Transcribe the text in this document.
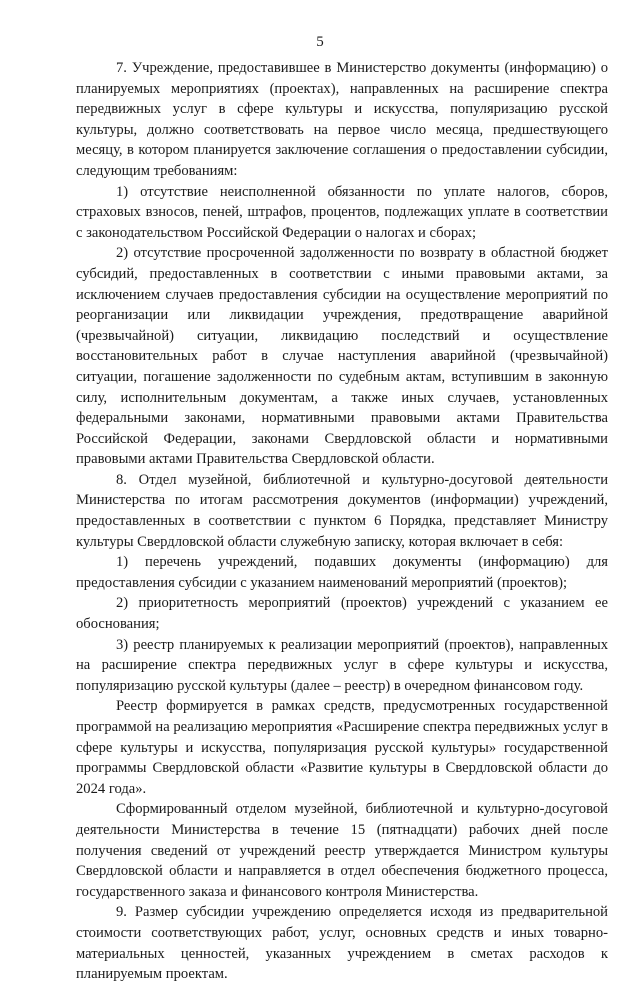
5

7. Учреждение, предоставившее в Министерство документы (информацию) о планируемых мероприятиях (проектах), направленных на расширение спектра передвижных услуг в сфере культуры и искусства, популяризацию русской культуры, должно соответствовать на первое число месяца, предшествующего месяцу, в котором планируется заключение соглашения о предоставлении субсидии, следующим требованиям:

1) отсутствие неисполненной обязанности по уплате налогов, сборов, страховых взносов, пеней, штрафов, процентов, подлежащих уплате в соответствии с законодательством Российской Федерации о налогах и сборах;

2) отсутствие просроченной задолженности по возврату в областной бюджет субсидий, предоставленных в соответствии с иными правовыми актами, за исключением случаев предоставления субсидии на осуществление мероприятий по реорганизации или ликвидации учреждения, предотвращение аварийной (чрезвычайной) ситуации, ликвидацию последствий и осуществление восстановительных работ в случае наступления аварийной (чрезвычайной) ситуации, погашение задолженности по судебным актам, вступившим в законную силу, исполнительным документам, а также иных случаев, установленных федеральными законами, нормативными правовыми актами Правительства Российской Федерации, законами Свердловской области и нормативными правовыми актами Правительства Свердловской области.

8. Отдел музейной, библиотечной и культурно-досуговой деятельности Министерства по итогам рассмотрения документов (информации) учреждений, предоставленных в соответствии с пунктом 6 Порядка, представляет Министру культуры Свердловской области служебную записку, которая включает в себя:

1) перечень учреждений, подавших документы (информацию) для предоставления субсидии с указанием наименований мероприятий (проектов);

2) приоритетность мероприятий (проектов) учреждений с указанием ее обоснования;

3) реестр планируемых к реализации мероприятий (проектов), направленных на расширение спектра передвижных услуг в сфере культуры и искусства, популяризацию русской культуры (далее – реестр) в очередном финансовом году.

Реестр формируется в рамках средств, предусмотренных государственной программой на реализацию мероприятия «Расширение спектра передвижных услуг в сфере культуры и искусства, популяризация русской культуры» государственной программы Свердловской области «Развитие культуры в Свердловской области до 2024 года».

Сформированный отделом музейной, библиотечной и культурно-досуговой деятельности Министерства в течение 15 (пятнадцати) рабочих дней после получения сведений от учреждений реестр утверждается Министром культуры Свердловской области и направляется в отдел обеспечения бюджетного процесса, государственного заказа и финансового контроля Министерства.

9. Размер субсидии учреждению определяется исходя из предварительной стоимости соответствующих работ, услуг, основных средств и иных товарно-материальных ценностей, указанных учреждением в сметах расходов к планируемым проектам.
